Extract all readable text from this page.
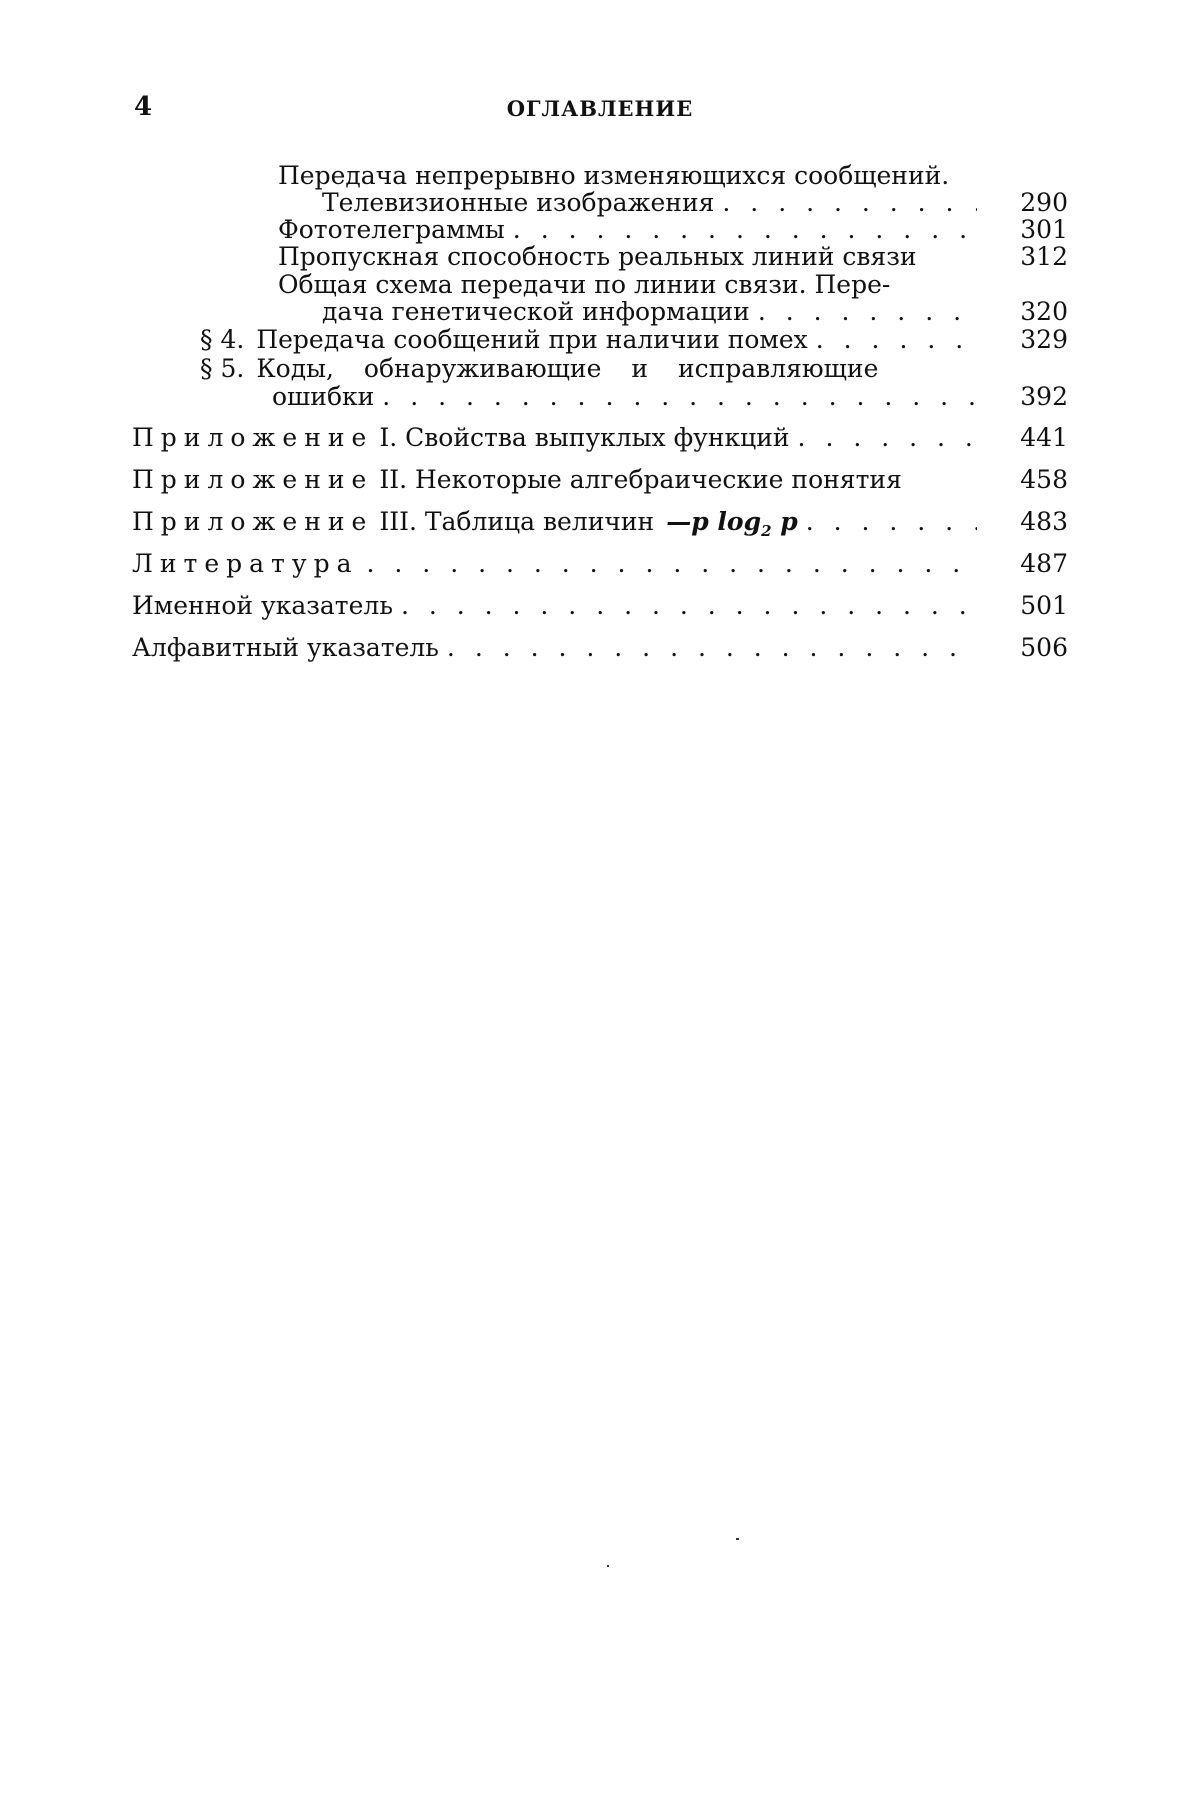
4	ОГЛАВЛЕНИЕ
Передача непрерывно изменяющихся сообщений.
Телевизионные изображения . . .	290
Фототелеграммы . . .	301
Пропускная способность реальных линий связи	312
Общая схема передачи по линии связи. Пере-
дача генетической информации . . .	320
§ 4. Передача сообщений при наличии помех . . .	329
§ 5. Коды, обнаруживающие и исправляющие
ошибки . . .	392
Приложение I. Свойства выпуклых функций . . .	441
Приложение II. Некоторые алгебраические понятия	458
Приложение III. Таблица величин —p $\log_2 p$ . . .	483
Литература . . .	487
Именной указатель . . .	501
Алфавитный указатель . . .	506
